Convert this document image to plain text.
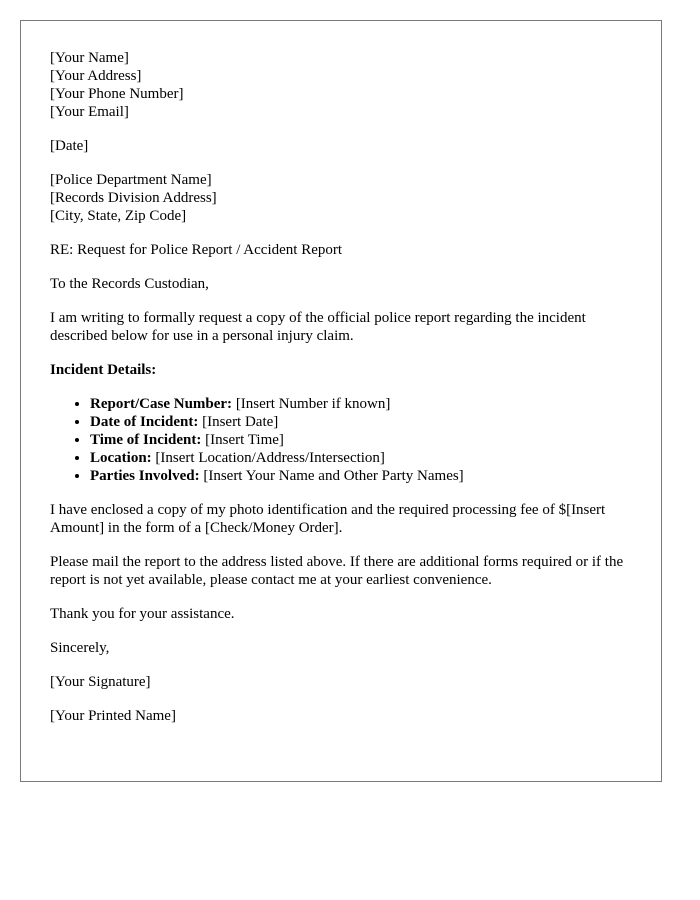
[Your Name]
[Your Address]
[Your Phone Number]
[Your Email]

[Date]

[Police Department Name]
[Records Division Address]
[City, State, Zip Code]

RE: Request for Police Report / Accident Report

To the Records Custodian,

I am writing to formally request a copy of the official police report regarding the incident described below for use in a personal injury claim.

Incident Details:

• Report/Case Number: [Insert Number if known]
• Date of Incident: [Insert Date]
• Time of Incident: [Insert Time]
• Location: [Insert Location/Address/Intersection]
• Parties Involved: [Insert Your Name and Other Party Names]

I have enclosed a copy of my photo identification and the required processing fee of $[Insert Amount] in the form of a [Check/Money Order].

Please mail the report to the address listed above. If there are additional forms required or if the report is not yet available, please contact me at your earliest convenience.

Thank you for your assistance.

Sincerely,

[Your Signature]

[Your Printed Name]
